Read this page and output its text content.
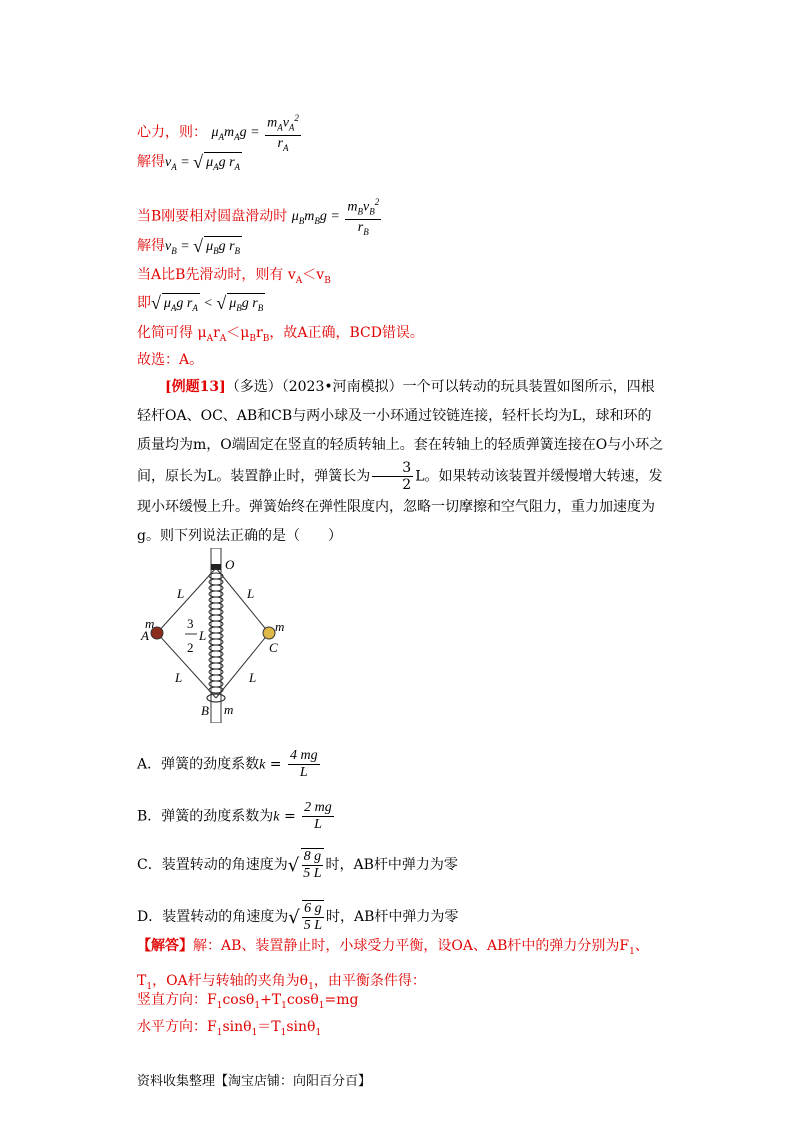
心力，则： $\mu_Am_Ag = \frac{m_Av_A^2}{r_A}$
解得$v_A$ = √ $\mu_Ag$ $r_A$
当B刚要相对圆盘滑动时 $\mu_Bm_Bg = \frac{m_Bv_B^2}{r_B}$
解得$v_B$ = √ $\mu_Bg$ $r_B$
当A比B先滑动时，则有 $v_A<v_B$
即√ $\mu_Ag$ $r_A$ < √ $\mu_Bg$ $r_B$
化简可得 $\mu_Ar_A<\mu_Br_B$，故A正确，BCD错误。
故选：A。
[例题13]（多选）（2023•河南模拟）一个可以转动的玩具装置如图所示，四根轻杆OA、OC、AB和CB与两小球及一小环通过铰链连接，轻杆长均为L，球和环的质量均为m，O端固定在竖直的轻质转轴上。套在转轴上的轻质弹簧连接在O与小环之间，原长为L。装置静止时，弹簧长为 $\frac{3}{2}$ L。如果转动该装置并缓慢增大转速，发现小环缓慢上升。弹簧始终在弹性限度内，忽略一切摩擦和空气阻力，重力加速度为g。则下列说法正确的是（　　）
O
m
A
L	L
m
C
L	L
B m
3
2
L
A．弹簧的劲度系数$k = \frac{4 mg}{L}$
B．弹簧的劲度系数为$k = \frac{2 mg}{L}$
C．装置转动的角速度为√ $\frac{8 g}{5 L}$ 时，AB杆中弹力为零
D．装置转动的角速度为√ $\frac{6 g}{5 L}$ 时，AB杆中弹力为零
【解答】解：AB、装置静止时，小球受力平衡，设OA、AB杆中的弹力分别为$F_1$、$T_1$，OA杆与转轴的夹角为$\theta_1$，由平衡条件得：
竖直方向：$F_1\cos\theta_1+T_1\cos\theta_1=mg$
水平方向：$F_1\sin\theta_1=T_1\sin\theta_1$
资料收集整理【淘宝店铺：向阳百分百】
